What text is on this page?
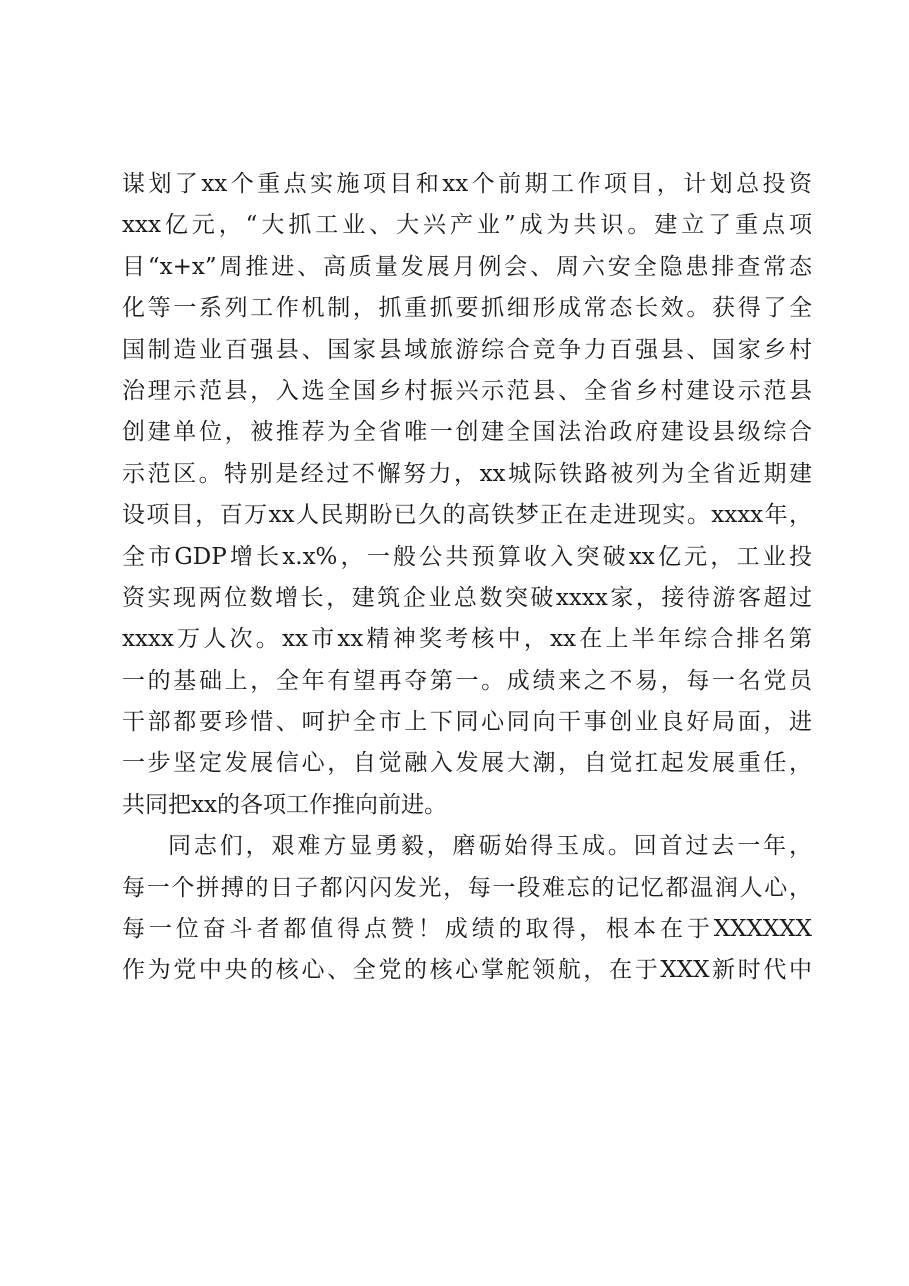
谋划了xx个重点实施项目和xx个前期工作项目，计划总投资
xxx亿元，“大抓工业、大兴产业”成为共识。建立了重点项
目“x+x”周推进、高质量发展月例会、周六安全隐患排查常态
化等一系列工作机制，抓重抓要抓细形成常态长效。获得了全
国制造业百强县、国家县域旅游综合竞争力百强县、国家乡村
治理示范县，入选全国乡村振兴示范县、全省乡村建设示范县
创建单位，被推荐为全省唯一创建全国法治政府建设县级综合
示范区。特别是经过不懈努力，xx城际铁路被列为全省近期建
设项目，百万xx人民期盼已久的高铁梦正在走进现实。xxxx年，
全市GDP增长x.x%，一般公共预算收入突破xx亿元，工业投
资实现两位数增长，建筑企业总数突破xxxx家，接待游客超过
xxxx万人次。xx市xx精神奖考核中，xx在上半年综合排名第
一的基础上，全年有望再夺第一。成绩来之不易，每一名党员
干部都要珍惜、呵护全市上下同心同向干事创业良好局面，进
一步坚定发展信心，自觉融入发展大潮，自觉扛起发展重任，
共同把xx的各项工作推向前进。
同志们，艰难方显勇毅，磨砺始得玉成。回首过去一年，
每一个拼搏的日子都闪闪发光，每一段难忘的记忆都温润人心，
每一位奋斗者都值得点赞！成绩的取得，根本在于XXXXXX
作为党中央的核心、全党的核心掌舵领航，在于XXX新时代中
